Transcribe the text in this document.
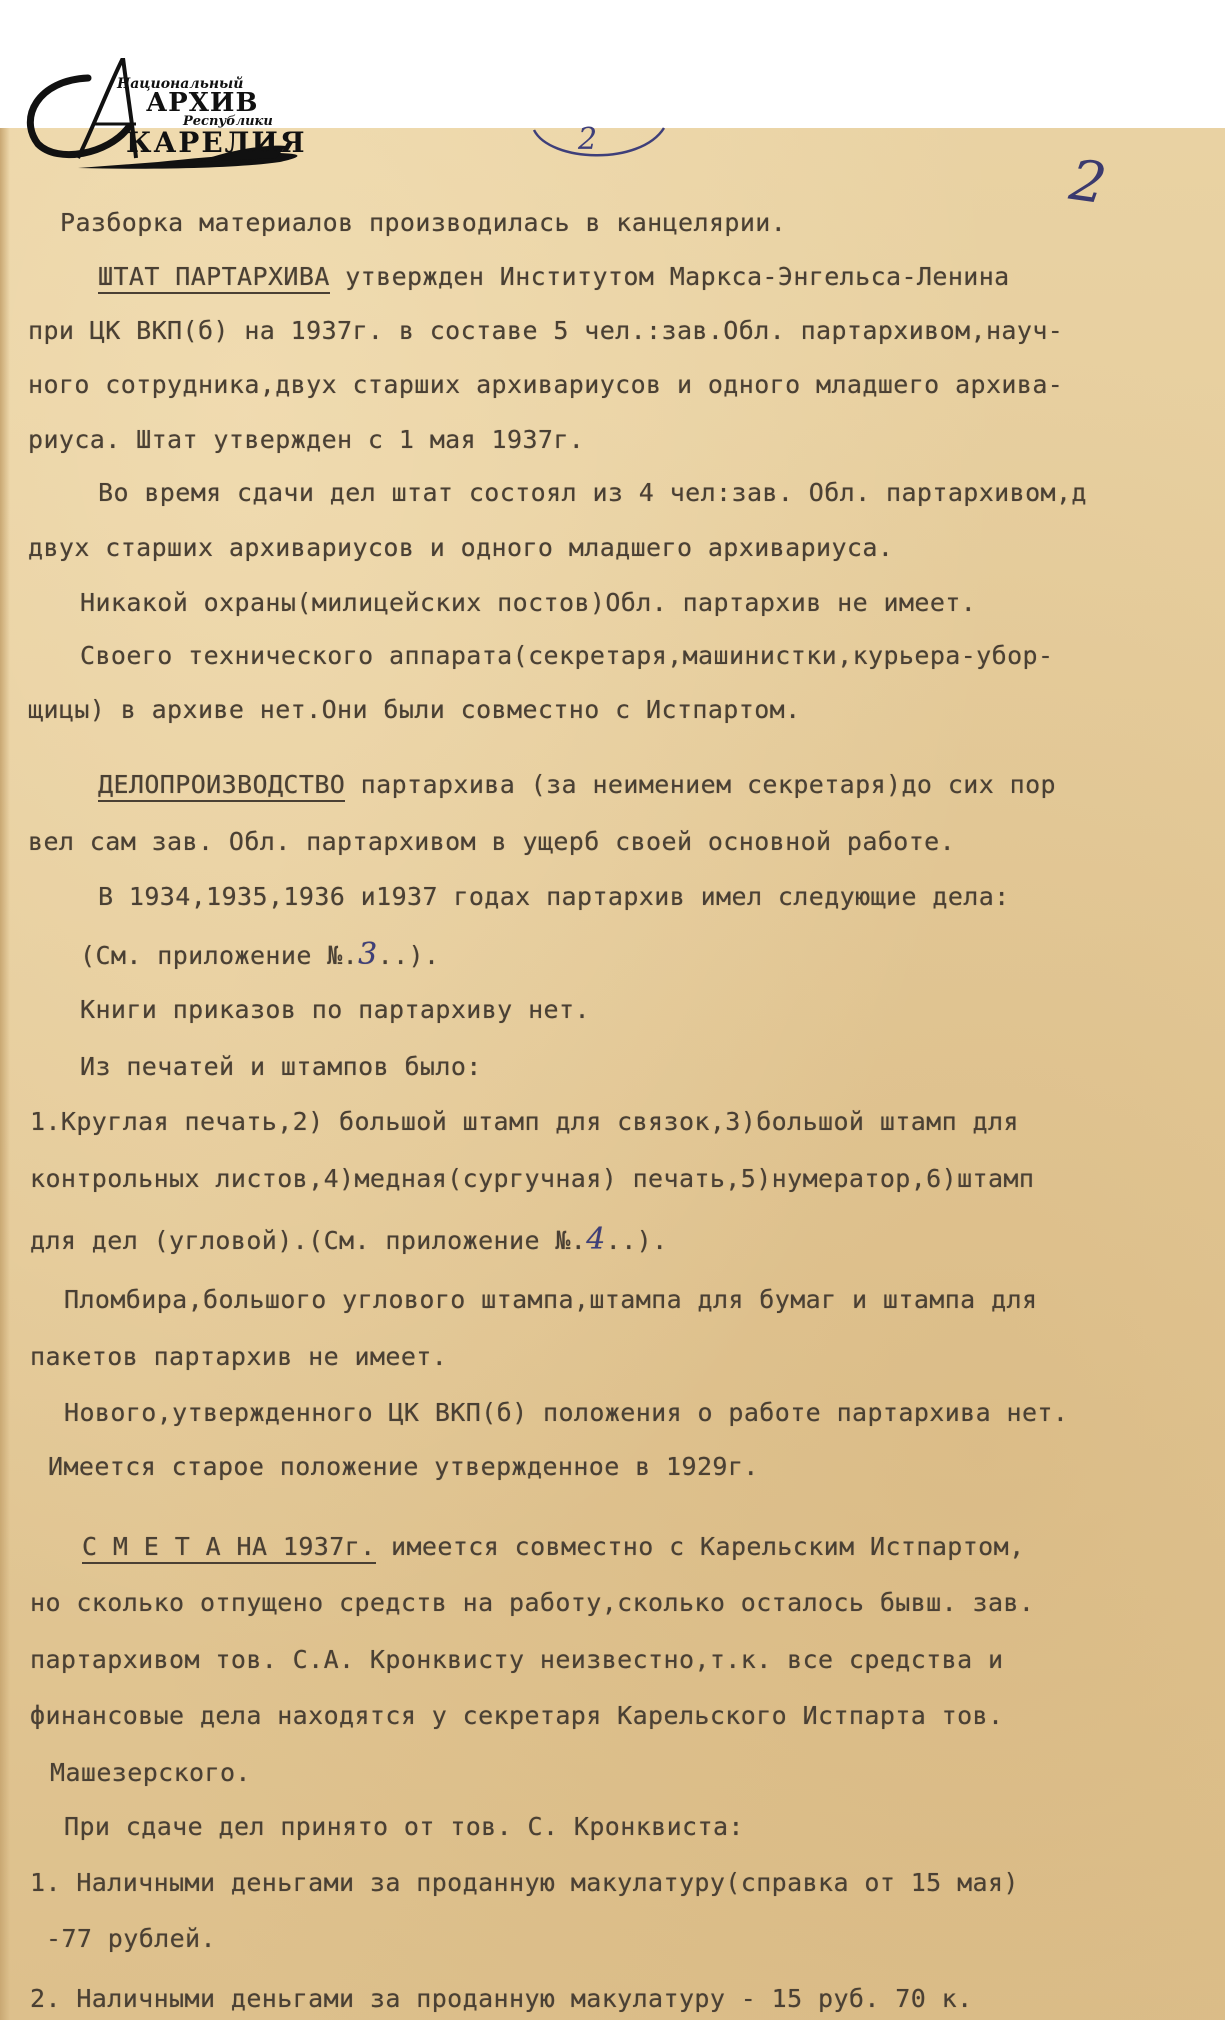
Национальный
АРХИВ
Республики
КАРЕЛИЯ	2
2
Разборка материалов производилась в канцелярии.
ШТАТ ПАРТАРХИВА утвержден Институтом Маркса-Энгельса-Ленина
при ЦК ВКП(б) на 1937г. в составе 5 чел.:зав.Обл. партархивом,науч-
ного сотрудника,двух старших архивариусов и одного младшего архива-
риуса. Штат утвержден с 1 мая 1937г.
Во время сдачи дел штат состоял из 4 чел:зав. Обл. партархивом,д
двух старших архивариусов и одного младшего архивариуса.
Никакой охраны(милицейских постов)Обл. партархив не имеет.
Своего технического аппарата(секретаря,машинистки,курьера-убор-
щицы) в архиве нет.Они были совместно с Истпартом.
ДЕЛОПРОИЗВОДСТВО партархива (за неимением секретаря)до сих пор
вел сам зав. Обл. партархивом в ущерб своей основной работе.
В 1934,1935,1936 и1937 годах партархив имел следующие дела:
(См. приложение №.3..).
Книги приказов по партархиву нет.
Из печатей и штампов было:
1.Круглая печать,2) большой штамп для связок,3)большой штамп для
контрольных листов,4)медная(сургучная) печать,5)нумератор,6)штамп
для дел (угловой).(См. приложение №.4..).
Пломбира,большого углового штампа,штампа для бумаг и штампа для
пакетов партархив не имеет.
Нового,утвержденного ЦК ВКП(б) положения о работе партархива нет.
Имеется старое положение утвержденное в 1929г.
С М Е Т А НА 1937г. имеется совместно с Карельским Истпартом,
но сколько отпущено средств на работу,сколько осталось бывш. зав.
партархивом тов. С.А. Кронквисту неизвестно,т.к. все средства и
финансовые дела находятся у секретаря Карельского Истпарта тов.
Машезерского.
При сдаче дел принято от тов. С. Кронквиста:
1. Наличными деньгами за проданную макулатуру(справка от 15 мая)
-77 рублей.
2. Наличными деньгами за проданную макулатуру - 15 руб. 70 к.
